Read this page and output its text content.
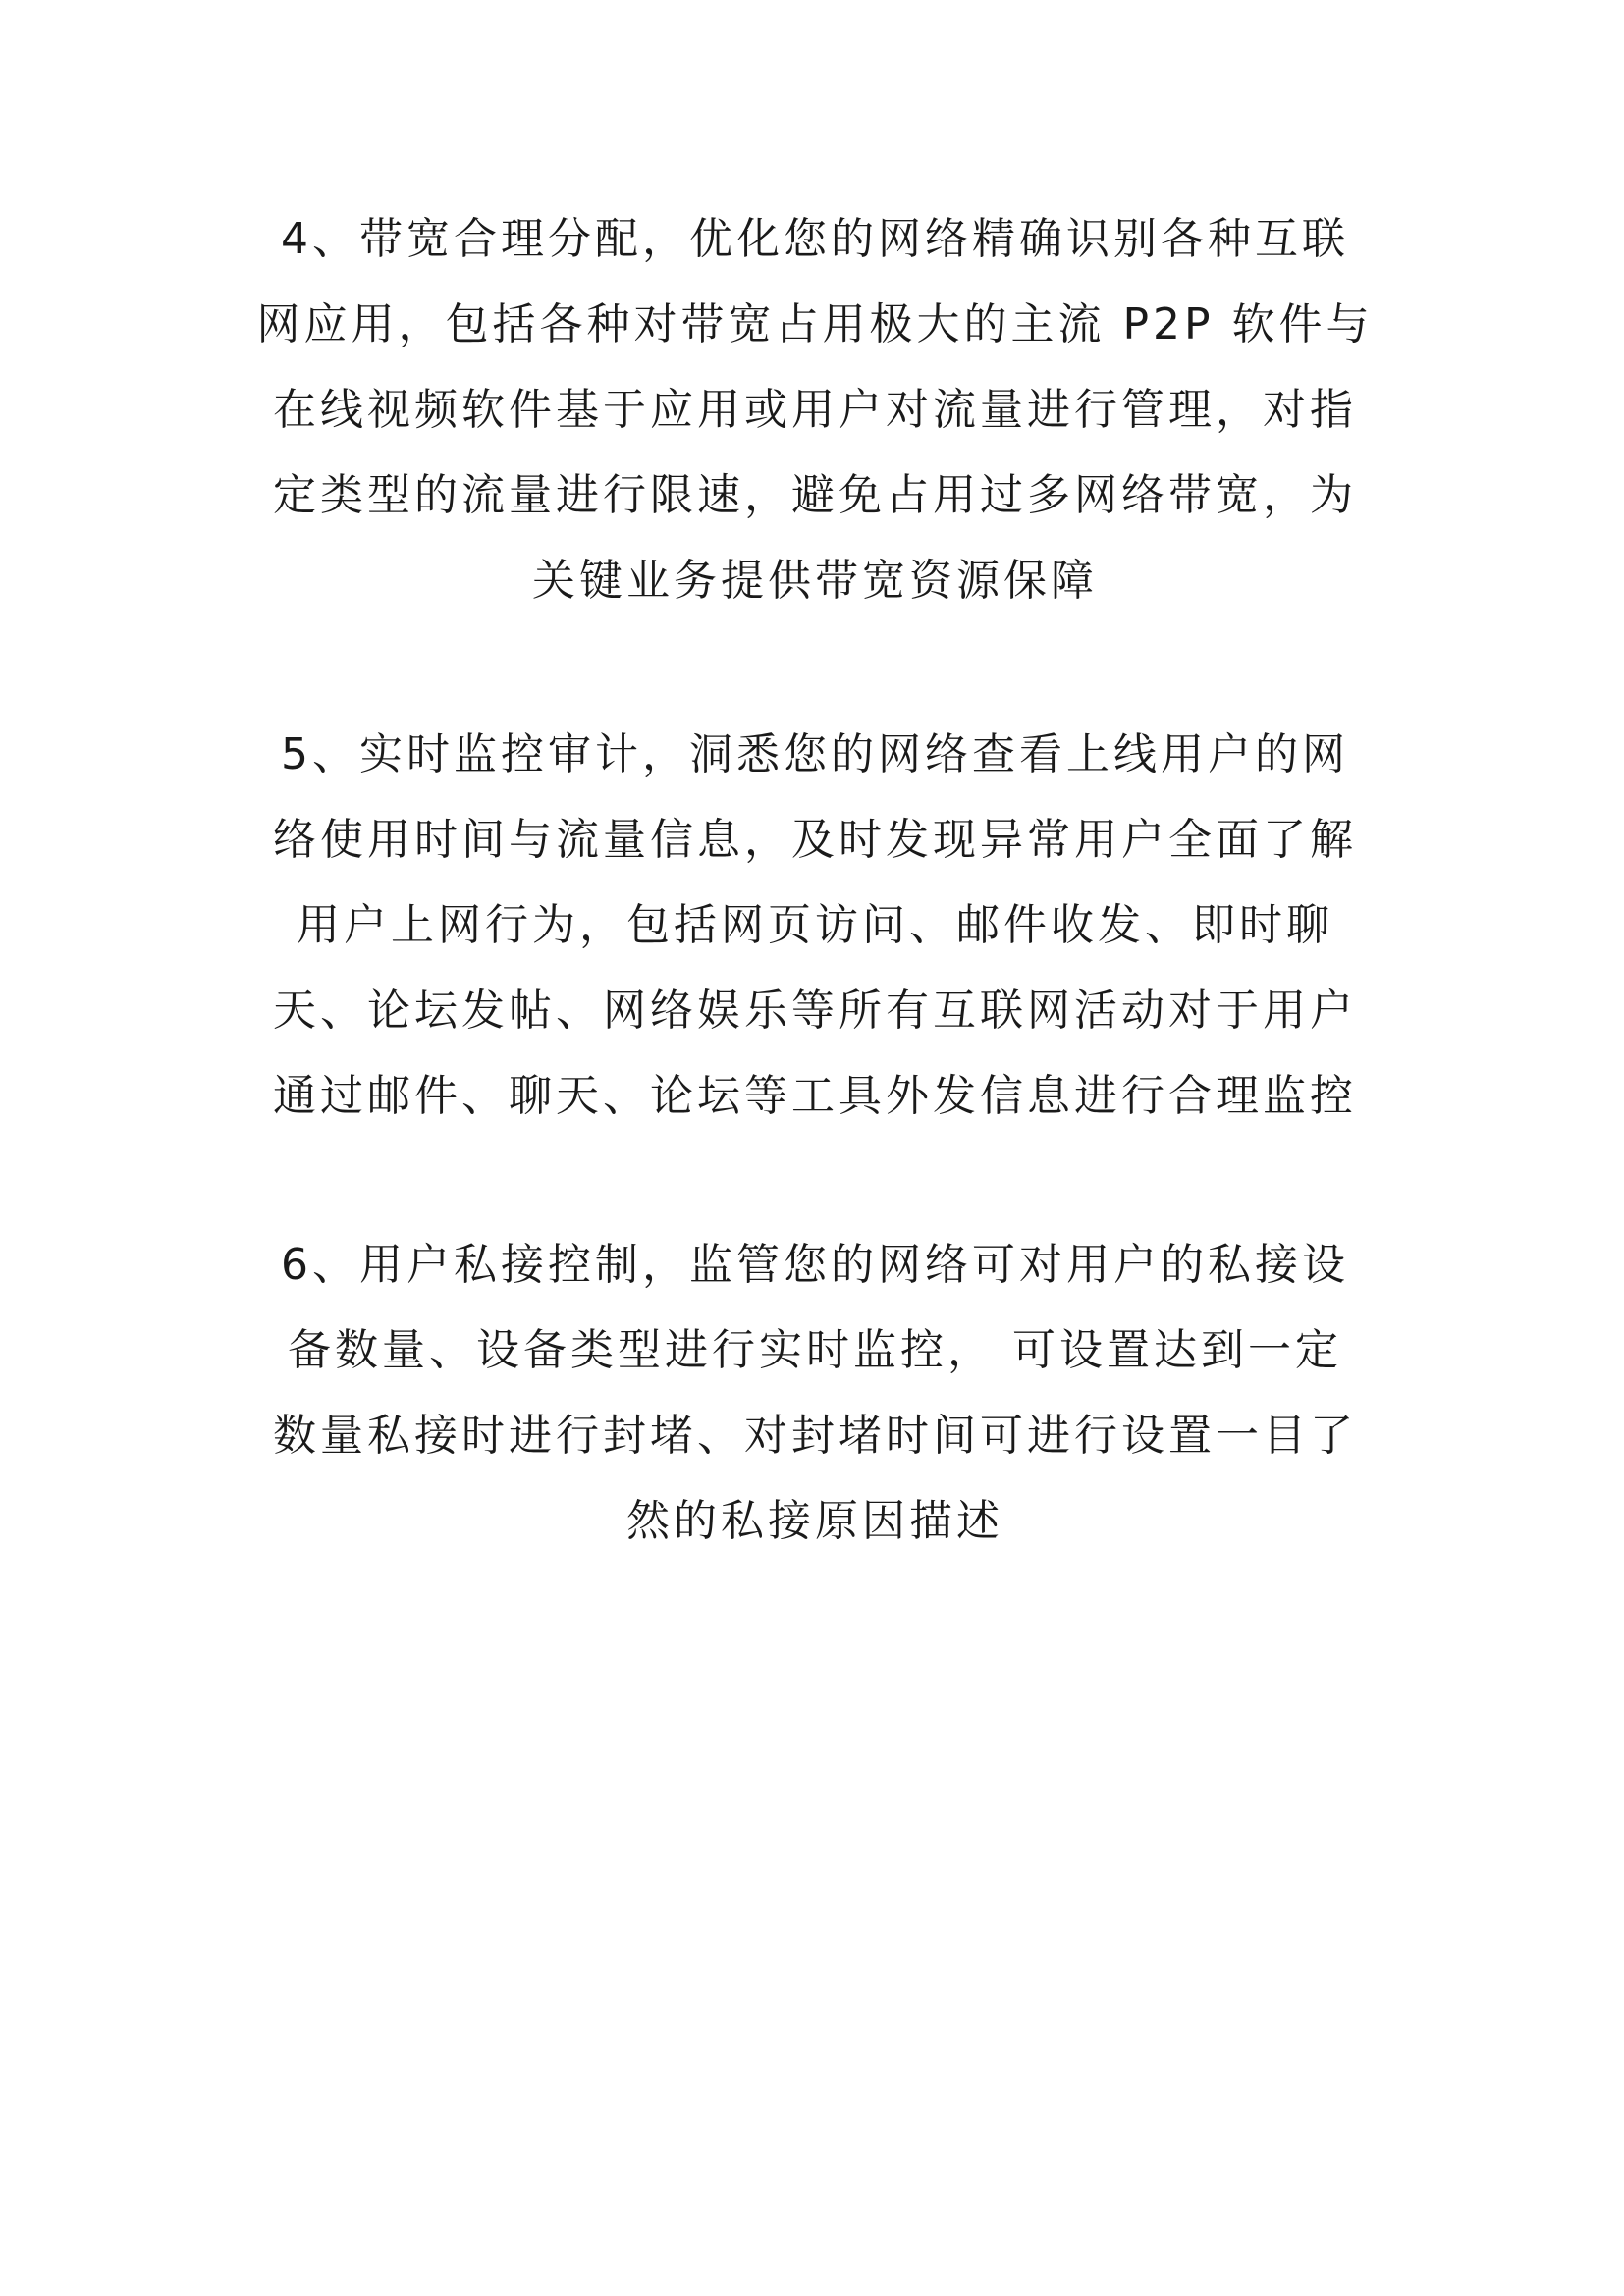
4、带宽合理分配，优化您的网络精确识别各种互联
网应用，包括各种对带宽占用极大的主流 P2P 软件与
在线视频软件基于应用或用户对流量进行管理，对指
定类型的流量进行限速，避免占用过多网络带宽，为
关键业务提供带宽资源保障
5、实时监控审计，洞悉您的网络查看上线用户的网
络使用时间与流量信息，及时发现异常用户全面了解
用户上网行为，包括网页访问、邮件收发、即时聊
天、论坛发帖、网络娱乐等所有互联网活动对于用户
通过邮件、聊天、论坛等工具外发信息进行合理监控
6、用户私接控制，监管您的网络可对用户的私接设
备数量、设备类型进行实时监控， 可设置达到一定
数量私接时进行封堵、对封堵时间可进行设置一目了
然的私接原因描述
